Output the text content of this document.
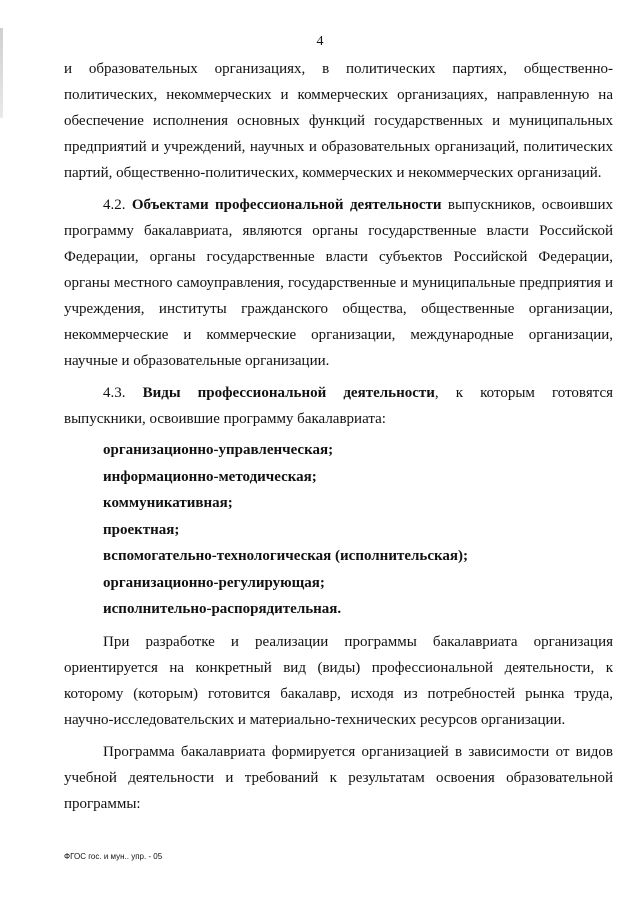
4

и образовательных организациях, в политических партиях, общественно-политических, некоммерческих и коммерческих организациях, направленную на обеспечение исполнения основных функций государственных и муниципальных предприятий и учреждений, научных и образовательных организаций, политических партий, общественно-политических, коммерческих и некоммерческих организаций.

4.2. Объектами профессиональной деятельности выпускников, освоивших программу бакалавриата, являются органы государственные власти Российской Федерации, органы государственные власти субъектов Российской Федерации, органы местного самоуправления, государственные и муниципальные предприятия и учреждения, институты гражданского общества, общественные организации, некоммерческие и коммерческие организации, международные организации, научные и образовательные организации.

4.3. Виды профессиональной деятельности, к которым готовятся выпускники, освоившие программу бакалавриата:

организационно-управленческая;
информационно-методическая;
коммуникативная;
проектная;
вспомогательно-технологическая (исполнительская);
организационно-регулирующая;
исполнительно-распорядительная.

При разработке и реализации программы бакалавриата организация ориентируется на конкретный вид (виды) профессиональной деятельности, к которому (которым) готовится бакалавр, исходя из потребностей рынка труда, научно-исследовательских и материально-технических ресурсов организации.

Программа бакалавриата формируется организацией в зависимости от видов учебной деятельности и требований к результатам освоения образовательной программы:

ФГОС гос. и мун.. упр. - 05
